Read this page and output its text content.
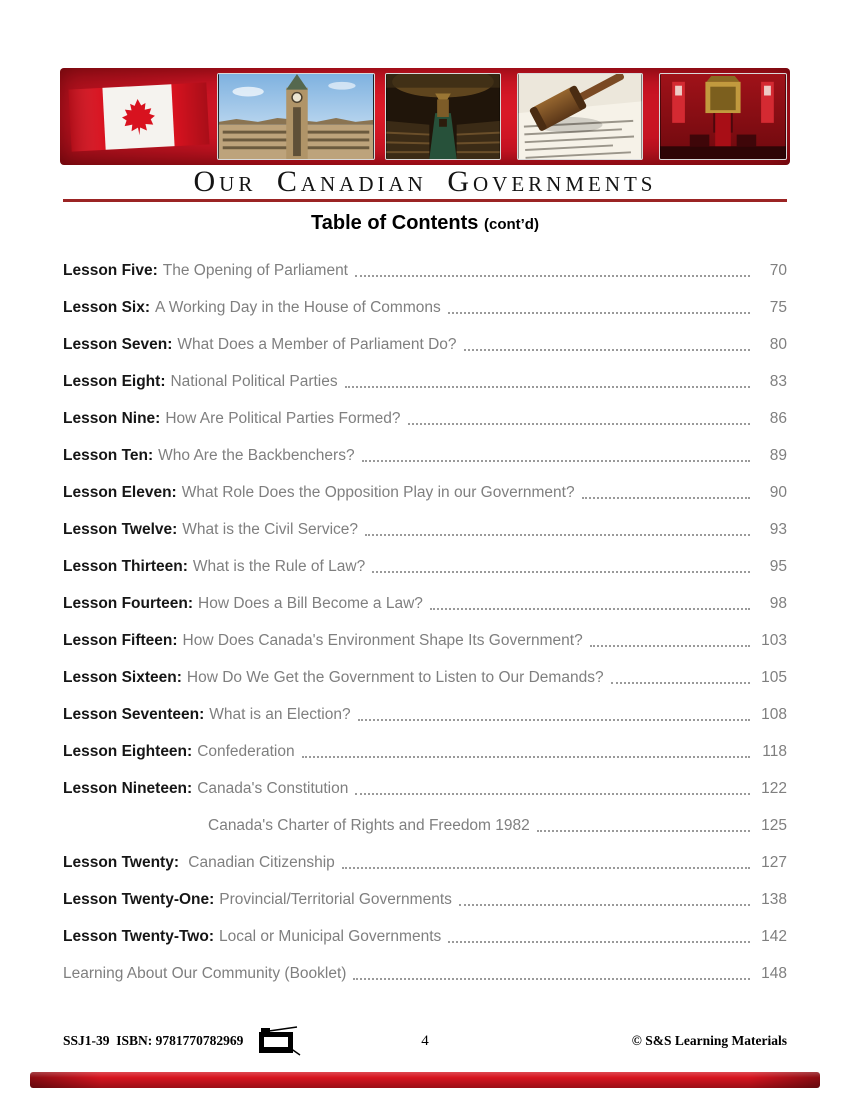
Our Canadian Governments
Table of Contents (cont’d)
Lesson Five: The Opening of Parliament	70
Lesson Six: A Working Day in the House of Commons	75
Lesson Seven: What Does a Member of Parliament Do?	80
Lesson Eight: National Political Parties	83
Lesson Nine: How Are Political Parties Formed?	86
Lesson Ten: Who Are the Backbenchers?	89
Lesson Eleven: What Role Does the Opposition Play in our Government?	90
Lesson Twelve: What is the Civil Service?	93
Lesson Thirteen: What is the Rule of Law?	95
Lesson Fourteen: How Does a Bill Become a Law?	98
Lesson Fifteen: How Does Canada's Environment Shape Its Government?	103
Lesson Sixteen: How Do We Get the Government to Listen to Our Demands?	105
Lesson Seventeen: What is an Election?	108
Lesson Eighteen: Confederation	118
Lesson Nineteen: Canada's Constitution	122
Canada's Charter of Rights and Freedom 1982	125
Lesson Twenty: Canadian Citizenship	127
Lesson Twenty-One: Provincial/Territorial Governments	138
Lesson Twenty-Two: Local or Municipal Governments	142
Learning About Our Community (Booklet)	148
SSJ1-39  ISBN: 9781770782969	4	© S&S Learning Materials
